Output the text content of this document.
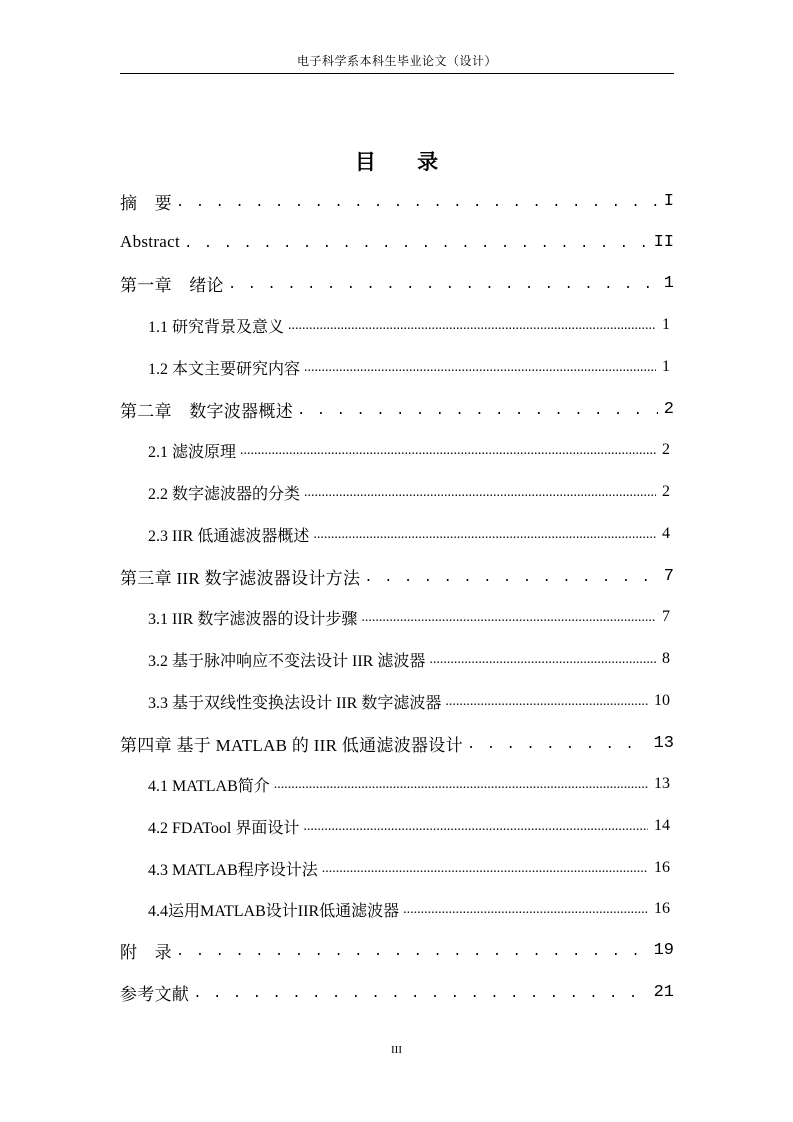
电子科学系本科生毕业论文（设计）
目 录
摘　要 . . .	I
Abstract . . .	II
第一章　绪论 . . .	1
1.1 研究背景及意义 .....	1
1.2 本文主要研究内容 .....	1
第二章　数字波器概述 . . .	2
2.1 滤波原理 .....	2
2.2 数字滤波器的分类 .....	2
2.3 IIR 低通滤波器概述 .....	4
第三章 IIR 数字滤波器设计方法 . . .	7
3.1 IIR 数字滤波器的设计步骤 .....	7
3.2 基于脉冲响应不变法设计 IIR 滤波器 .....	8
3.3 基于双线性变换法设计 IIR 数字滤波器 .....	10
第四章 基于 MATLAB 的 IIR 低通滤波器设计 . . .	13
4.1 MATLAB简介 .....	13
4.2 FDATool 界面设计 .....	14
4.3 MATLAB程序设计法 .....	16
4.4运用MATLAB设计IIR低通滤波器 .....	16
附　录 . . .	19
参考文献 . . .	21
III
